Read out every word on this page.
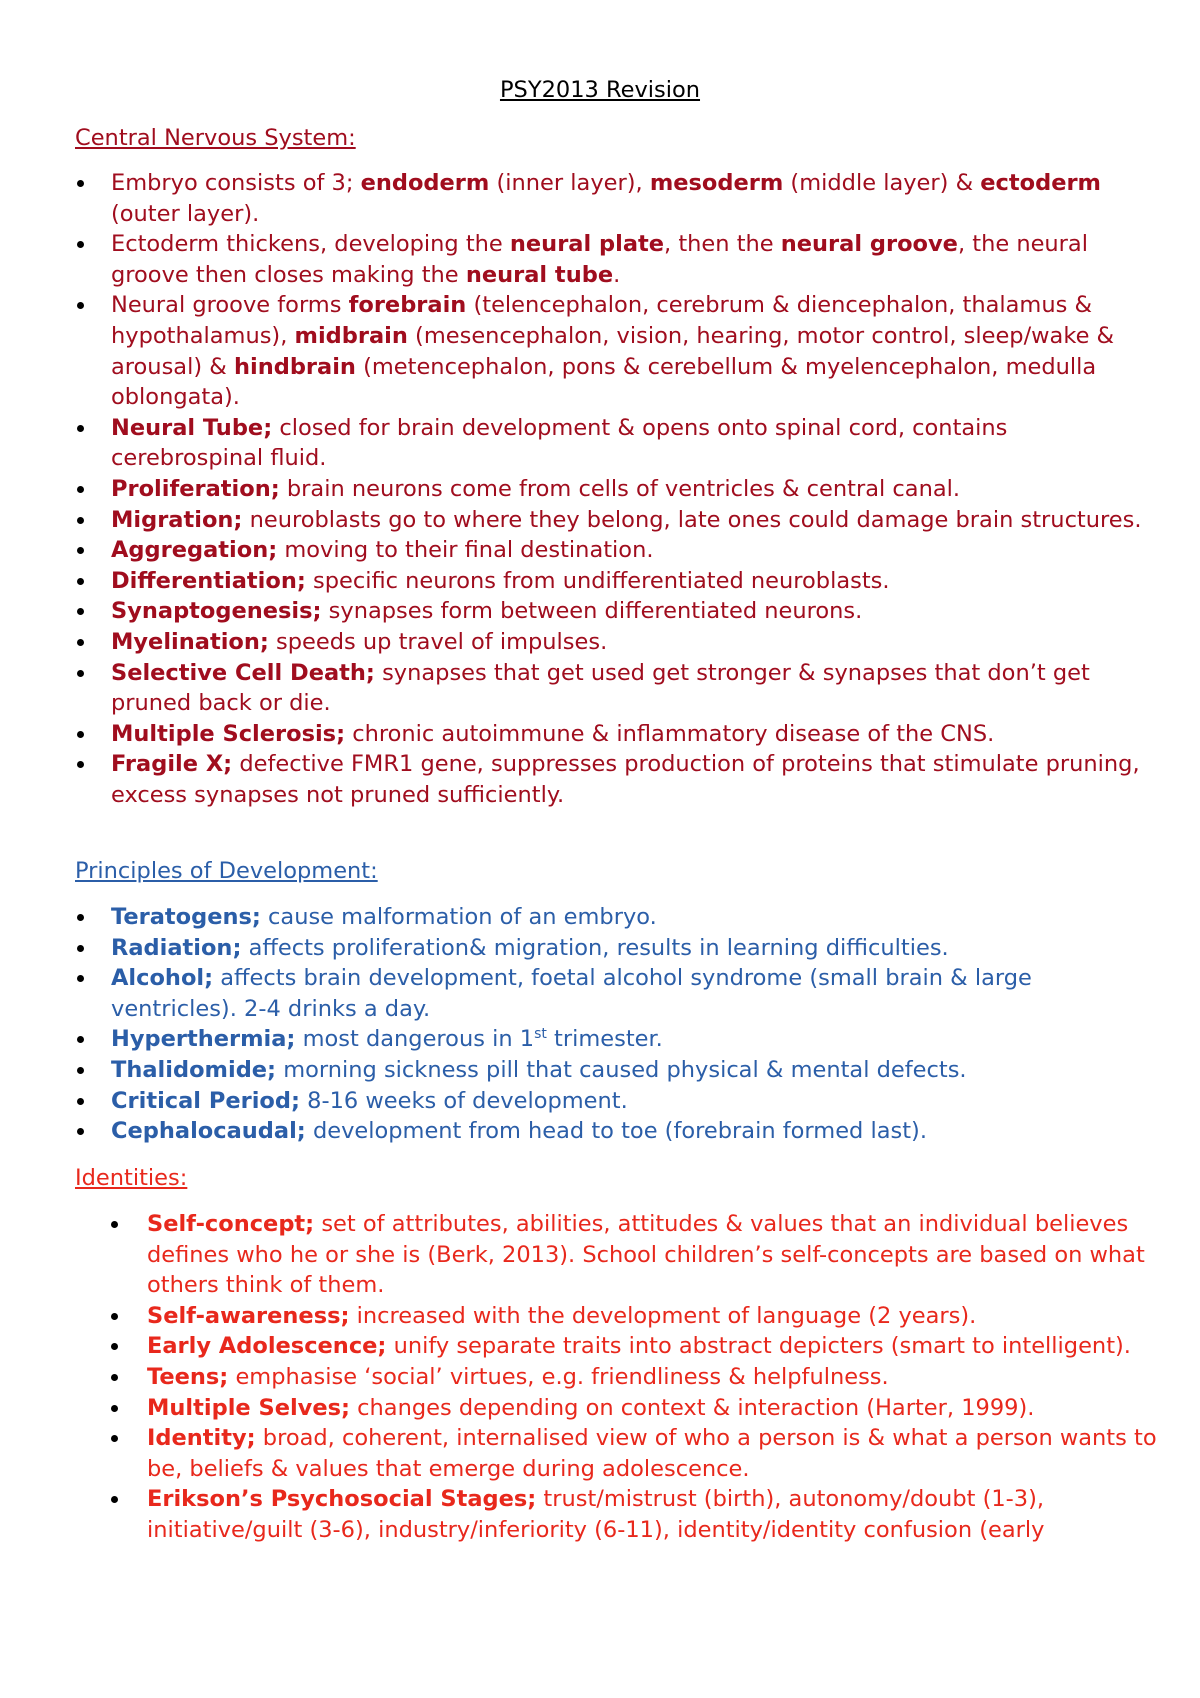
PSY2013 Revision

Central Nervous System:

Embryo consists of 3; endoderm (inner layer), mesoderm (middle layer) & ectoderm (outer layer).
Ectoderm thickens, developing the neural plate, then the neural groove, the neural groove then closes making the neural tube.
Neural groove forms forebrain (telencephalon, cerebrum & diencephalon, thalamus & hypothalamus), midbrain (mesencephalon, vision, hearing, motor control, sleep/wake & arousal) & hindbrain (metencephalon, pons & cerebellum & myelencephalon, medulla oblongata).
Neural Tube; closed for brain development & opens onto spinal cord, contains cerebrospinal fluid.
Proliferation; brain neurons come from cells of ventricles & central canal.
Migration; neuroblasts go to where they belong, late ones could damage brain structures.
Aggregation; moving to their final destination.
Differentiation; specific neurons from undifferentiated neuroblasts.
Synaptogenesis; synapses form between differentiated neurons.
Myelination; speeds up travel of impulses.
Selective Cell Death; synapses that get used get stronger & synapses that don’t get pruned back or die.
Multiple Sclerosis; chronic autoimmune & inflammatory disease of the CNS.
Fragile X; defective FMR1 gene, suppresses production of proteins that stimulate pruning, excess synapses not pruned sufficiently.

Principles of Development:

Teratogens; cause malformation of an embryo.
Radiation; affects proliferation& migration, results in learning difficulties.
Alcohol; affects brain development, foetal alcohol syndrome (small brain & large ventricles). 2-4 drinks a day.
Hyperthermia; most dangerous in 1st trimester.
Thalidomide; morning sickness pill that caused physical & mental defects.
Critical Period; 8-16 weeks of development.
Cephalocaudal; development from head to toe (forebrain formed last).

Identities:

Self-concept; set of attributes, abilities, attitudes & values that an individual believes defines who he or she is (Berk, 2013). School children’s self-concepts are based on what others think of them.
Self-awareness; increased with the development of language (2 years).
Early Adolescence; unify separate traits into abstract depicters (smart to intelligent).
Teens; emphasise ‘social’ virtues, e.g. friendliness & helpfulness.
Multiple Selves; changes depending on context & interaction (Harter, 1999).
Identity; broad, coherent, internalised view of who a person is & what a person wants to be, beliefs & values that emerge during adolescence.
Erikson’s Psychosocial Stages; trust/mistrust (birth), autonomy/doubt (1-3), initiative/guilt (3-6), industry/inferiority (6-11), identity/identity confusion (early
